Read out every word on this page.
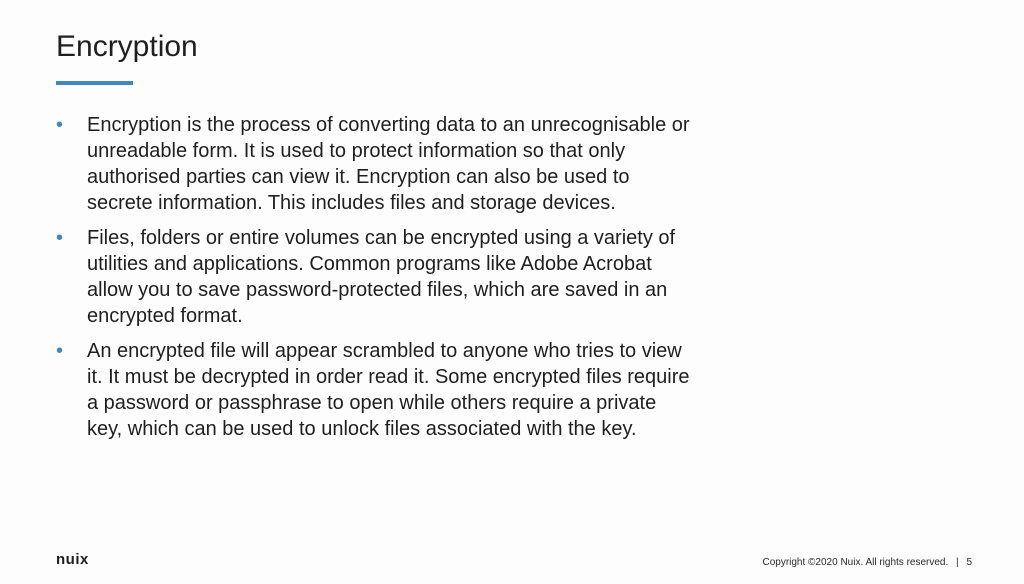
Encryption
• Encryption is the process of converting data to an unrecognisable or unreadable form. It is used to protect information so that only authorised parties can view it. Encryption can also be used to secrete information. This includes files and storage devices.
• Files, folders or entire volumes can be encrypted using a variety of utilities and applications. Common programs like Adobe Acrobat allow you to save password-protected files, which are saved in an encrypted format.
• An encrypted file will appear scrambled to anyone who tries to view it. It must be decrypted in order read it. Some encrypted files require a password or passphrase to open while others require a private key, which can be used to unlock files associated with the key.
nuix	Copyright ©2020 Nuix. All rights reserved. | 5
